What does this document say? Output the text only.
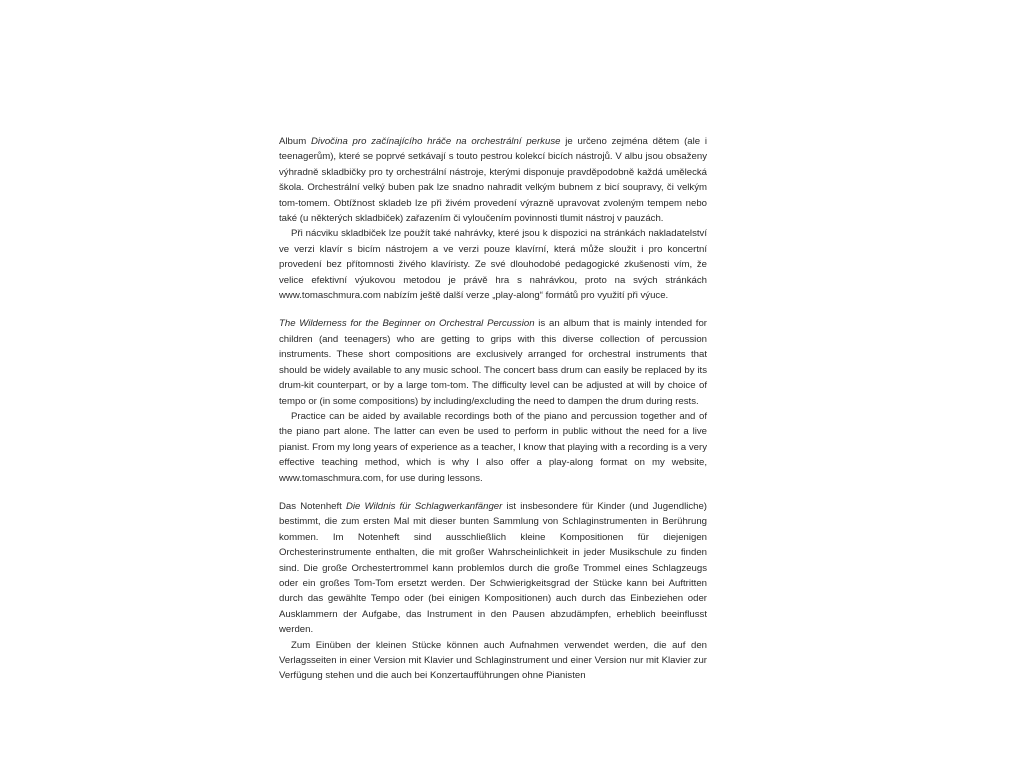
Album Divočina pro začínajícího hráče na orchestrální perkuse je určeno zejména dětem (ale i teenagerům), které se poprvé setkávají s touto pestrou kolekcí bicích nástrojů. V albu jsou obsaženy výhradně skladbičky pro ty orchestrální nástroje, kterými disponuje pravděpodobně každá umělecká škola. Orchestrální velký buben pak lze snadno nahradit velkým bubnem z bicí soupravy, či velkým tom-tomem. Obtížnost skladeb lze při živém provedení výrazně upravovat zvoleným tempem nebo také (u některých skladbiček) zařazením či vyloučením povinnosti tlumit nástroj v pauzách.

Při nácviku skladbiček lze použít také nahrávky, které jsou k dispozici na stránkách nakladatelství ve verzi klavír s bicím nástrojem a ve verzi pouze klavírní, která může sloužit i pro koncertní provedení bez přítomnosti živého klavíristy. Ze své dlouhodobé pedagogické zkušenosti vím, že velice efektivní výukovou metodou je právě hra s nahrávkou, proto na svých stránkách www.tomaschmura.com nabízím ještě další verze „play-along“ formátů pro využití při výuce.

The Wilderness for the Beginner on Orchestral Percussion is an album that is mainly intended for children (and teenagers) who are getting to grips with this diverse collection of percussion instruments. These short compositions are exclusively arranged for orchestral instruments that should be widely available to any music school. The concert bass drum can easily be replaced by its drum-kit counterpart, or by a large tom-tom. The difficulty level can be adjusted at will by choice of tempo or (in some compositions) by including/excluding the need to dampen the drum during rests.

Practice can be aided by available recordings both of the piano and percussion together and of the piano part alone. The latter can even be used to perform in public without the need for a live pianist. From my long years of experience as a teacher, I know that playing with a recording is a very effective teaching method, which is why I also offer a play-along format on my website, www.tomaschmura.com, for use during lessons.

Das Notenheft Die Wildnis für Schlagwerkanfänger ist insbesondere für Kinder (und Jugendliche) bestimmt, die zum ersten Mal mit dieser bunten Sammlung von Schlaginstrumenten in Berührung kommen. Im Notenheft sind ausschließlich kleine Kompositionen für diejenigen Orchesterinstrumente enthalten, die mit großer Wahrscheinlichkeit in jeder Musikschule zu finden sind. Die große Orchestertrommel kann problemlos durch die große Trommel eines Schlagzeugs oder ein großes Tom-Tom ersetzt werden. Der Schwierigkeitsgrad der Stücke kann bei Auftritten durch das gewählte Tempo oder (bei einigen Kompositionen) auch durch das Einbeziehen oder Ausklammern der Aufgabe, das Instrument in den Pausen abzudämpfen, erheblich beeinflusst werden.

Zum Einüben der kleinen Stücke können auch Aufnahmen verwendet werden, die auf den Verlagsseiten in einer Version mit Klavier und Schlaginstrument und einer Version nur mit Klavier zur Verfügung stehen und die auch bei Konzertaufführungen ohne Pianisten
